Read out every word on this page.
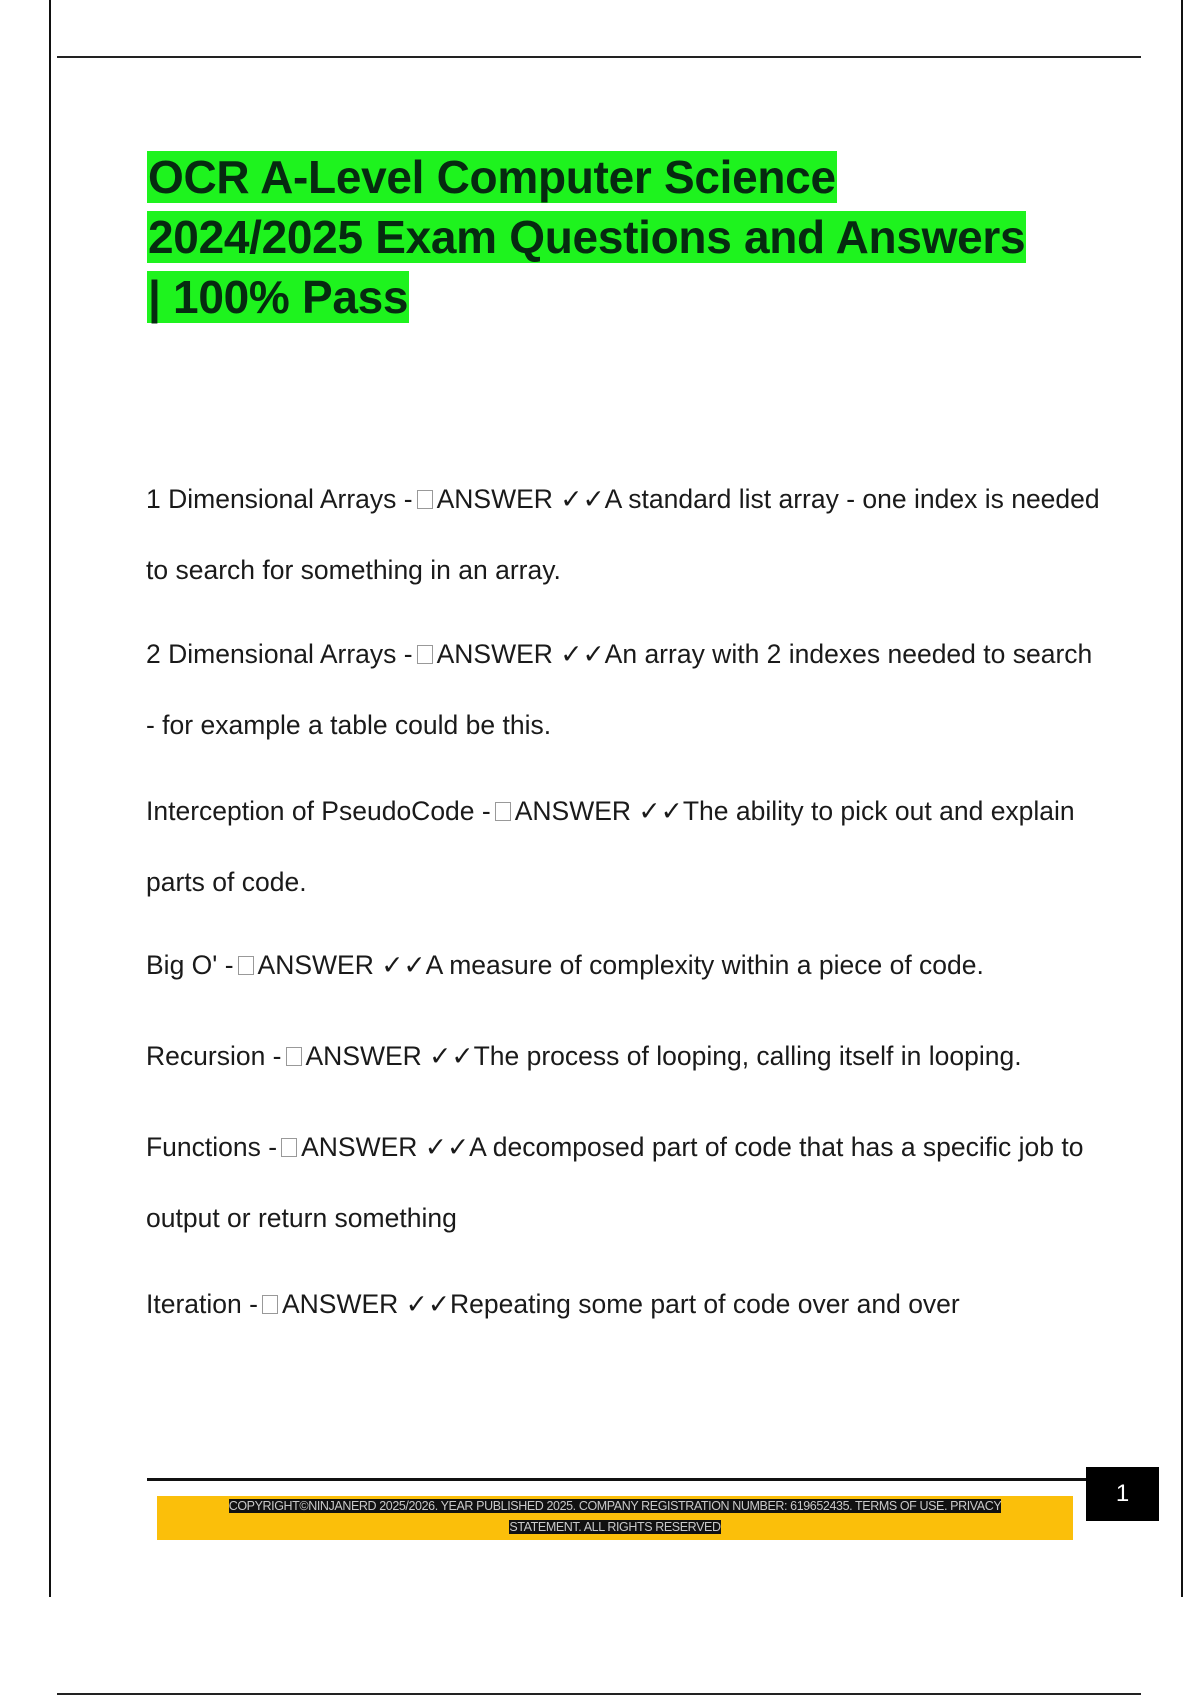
OCR A-Level Computer Science
2024/2025 Exam Questions and Answers
| 100% Pass
1 Dimensional Arrays - ANSWER ✓✓A standard list array - one index is needed to search for something in an array.
2 Dimensional Arrays - ANSWER ✓✓An array with 2 indexes needed to search - for example a table could be this.
Interception of PseudoCode - ANSWER ✓✓The ability to pick out and explain parts of code.
Big O' - ANSWER ✓✓A measure of complexity within a piece of code.
Recursion - ANSWER ✓✓The process of looping, calling itself in looping.
Functions - ANSWER ✓✓A decomposed part of code that has a specific job to output or return something
Iteration - ANSWER ✓✓Repeating some part of code over and over
1
COPYRIGHT©NINJANERD 2025/2026. YEAR PUBLISHED 2025. COMPANY REGISTRATION NUMBER: 619652435. TERMS OF USE. PRIVACY
STATEMENT. ALL RIGHTS RESERVED
